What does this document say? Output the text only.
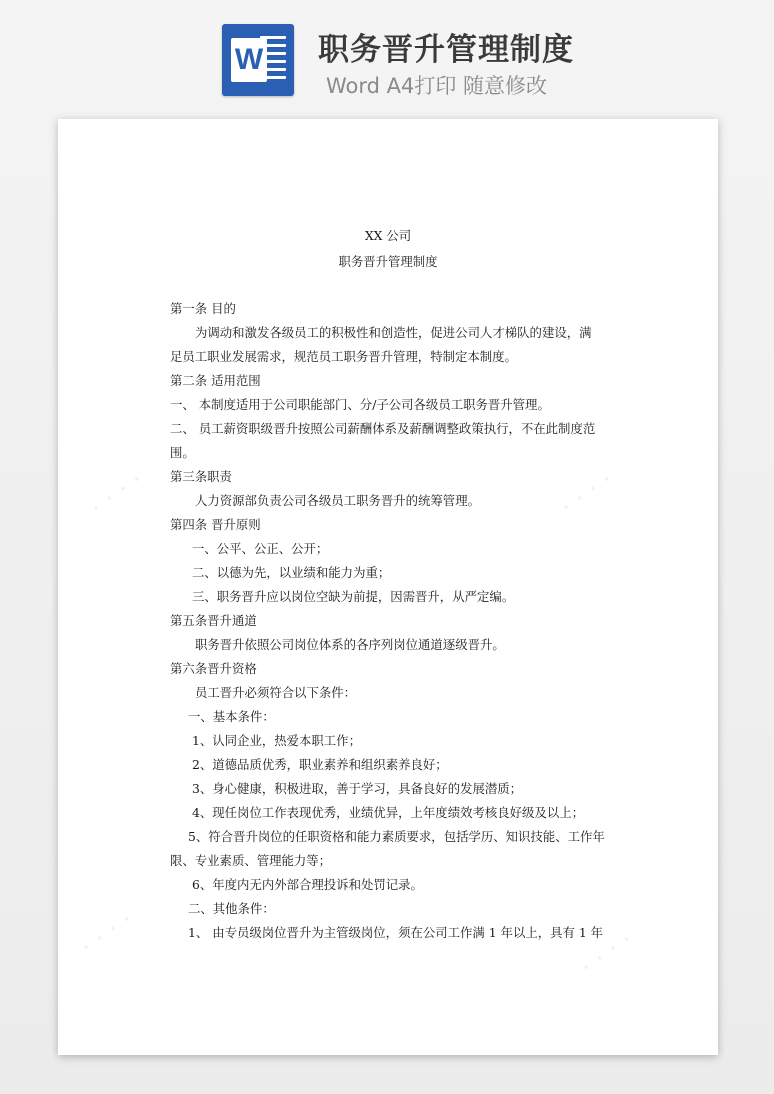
W 职务晋升管理制度
Word A4打印 随意修改
· · · ·	· · · ·
· · · ·	· · · ·
XX 公司
职务晋升管理制度

第一条 目的

为调动和激发各级员工的积极性和创造性，促进公司人才梯队的建设，满

足员工职业发展需求，规范员工职务晋升管理，特制定本制度。

第二条 适用范围

一、 本制度适用于公司职能部门、分/子公司各级员工职务晋升管理。

二、 员工薪资职级晋升按照公司薪酬体系及薪酬调整政策执行，不在此制度范

围。

第三条职责

人力资源部负责公司各级员工职务晋升的统筹管理。

第四条 晋升原则

一、公平、公正、公开；

二、以德为先，以业绩和能力为重；

三、职务晋升应以岗位空缺为前提，因需晋升，从严定编。

第五条晋升通道

职务晋升依照公司岗位体系的各序列岗位通道逐级晋升。

第六条晋升资格

员工晋升必须符合以下条件：

一、基本条件：

1、认同企业，热爱本职工作；

2、道德品质优秀，职业素养和组织素养良好；

3、身心健康，积极进取，善于学习，具备良好的发展潜质；

4、现任岗位工作表现优秀，业绩优异，上年度绩效考核良好级及以上；

5、符合晋升岗位的任职资格和能力素质要求，包括学历、知识技能、工作年

限、专业素质、管理能力等；

6、年度内无内外部合理投诉和处罚记录。

二、其他条件：

1、 由专员级岗位晋升为主管级岗位，须在公司工作满 1 年以上，具有 1 年
